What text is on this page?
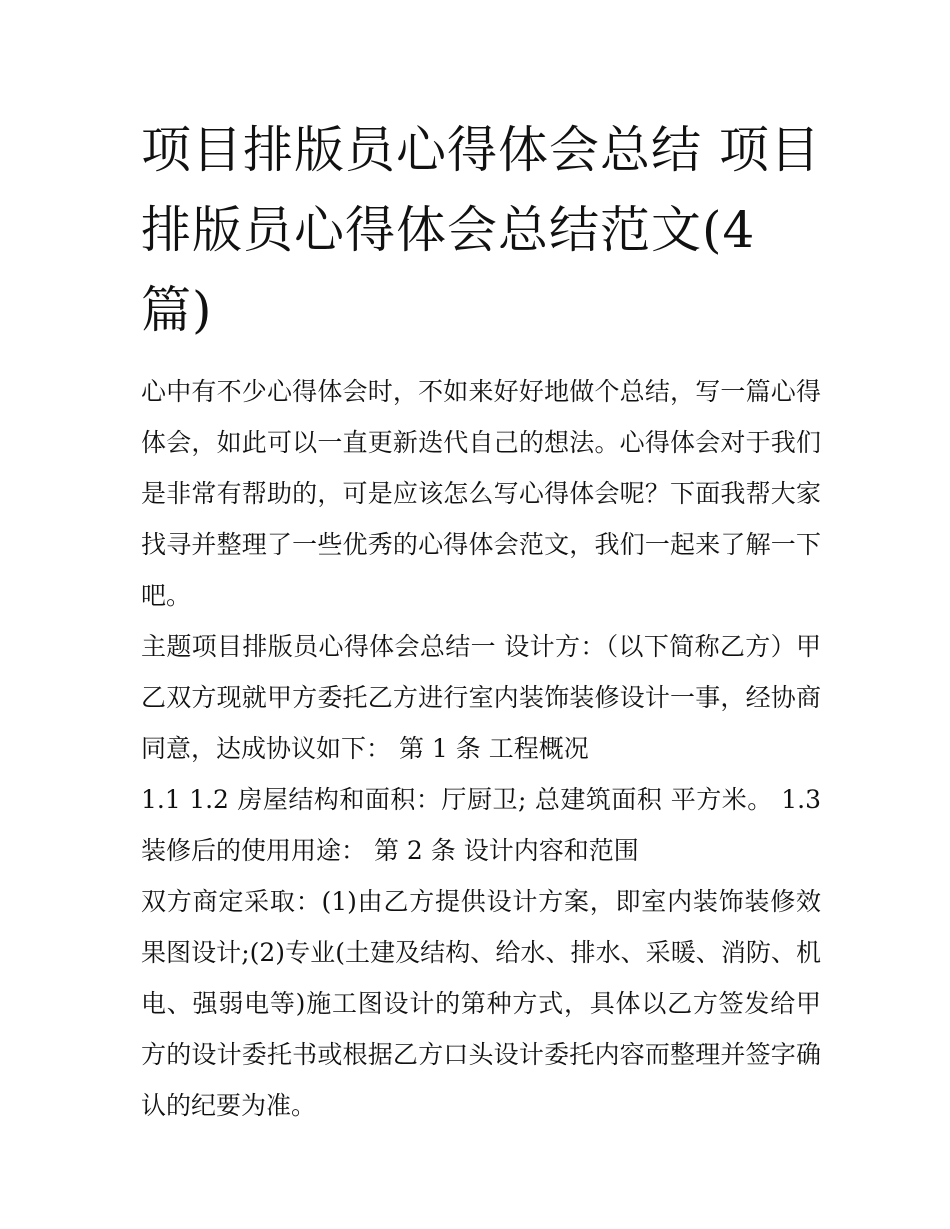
项目排版员心得体会总结 项目排版员心得体会总结范文(4篇)

心中有不少心得体会时，不如来好好地做个总结，写一篇心得体会，如此可以一直更新迭代自己的想法。心得体会对于我们是非常有帮助的，可是应该怎么写心得体会呢？下面我帮大家找寻并整理了一些优秀的心得体会范文，我们一起来了解一下吧。

主题项目排版员心得体会总结一 设计方：（以下简称乙方）甲乙双方现就甲方委托乙方进行室内装饰装修设计一事，经协商同意，达成协议如下： 第 1 条 工程概况

1.1 1.2 房屋结构和面积：厅厨卫; 总建筑面积 平方米。 1.3 装修后的使用用途： 第 2 条 设计内容和范围

双方商定采取：(1)由乙方提供设计方案，即室内装饰装修效果图设计;(2)专业(土建及结构、给水、排水、采暖、消防、机电、强弱电等)施工图设计的第种方式，具体以乙方签发给甲方的设计委托书或根据乙方口头设计委托内容而整理并签字确认的纪要为准。
